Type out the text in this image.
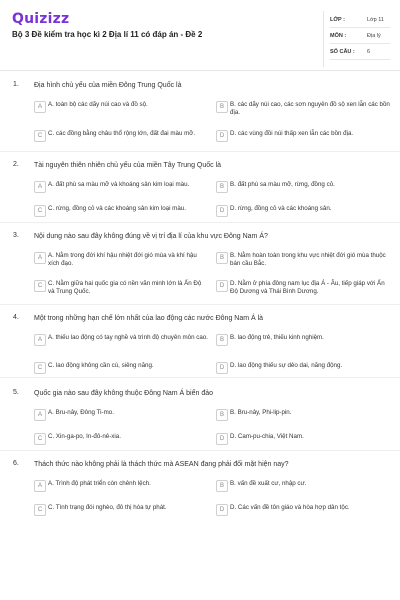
Quizizz
Bộ 3 Đề kiểm tra học kì 2 Địa lí 11 có đáp án - Đề 2
LỚP :	Lớp 11
MÔN :	Địa lý
SỐ CÂU : 6
1. Địa hình chủ yếu của miền Đông Trung Quốc là
A A. toàn bộ các dãy núi cao và đồ sộ.	B B. các dãy núi cao, các sơn nguyên đồ sộ xen lẫn các bồn địa.
C C. các đồng bằng châu thổ rộng lớn, đất đai màu mỡ.	D D. các vùng đồi núi thấp xen lẫn các bồn địa.
2. Tài nguyên thiên nhiên chủ yếu của miền Tây Trung Quốc là
A A. đất phù sa màu mỡ và khoáng sản kim loại màu.	B B. đất phù sa màu mỡ, rừng, đồng cỏ.
C C. rừng, đồng cỏ và các khoáng sản kim loại màu.	D D. rừng, đồng cỏ và các khoáng sản.
3. Nội dung nào sau đây không đúng về vị trí địa lí của khu vực Đông Nam Á?
A A. Nằm trong đới khí hậu nhiệt đới gió mùa và khí hậu xích đạo.
B B. Nằm hoàn toàn trong khu vực nhiệt đới gió mùa thuộc bán cầu Bắc.
C C. Nằm giữa hai quốc gia có nền văn minh lớn là Ấn Độ và Trung Quốc.
D D. Nằm ở phía đông nam lục địa Á - Âu, tiếp giáp với Ấn Độ Dương và Thái Bình Dương.
4. Một trong những hạn chế lớn nhất của lao động các nước Đông Nam Á là
A A. thiếu lao động có tay nghề và trình độ chuyên môn cao.	B B. lao động trẻ, thiếu kinh nghiệm.
C C. lao động không cần cù, siêng năng.	D D. lao động thiếu sự dẻo dai, năng động.
5. Quốc gia nào sau đây không thuộc Đông Nam Á biển đảo
A A. Bru-nây, Đông Ti-mo.	B B. Bru-nây, Phi-lip-pin.
C C. Xin-ga-po, In-đô-nê-xia.	D D. Cam-pu-chia, Việt Nam.
6. Thách thức nào không phải là thách thức mà ASEAN đang phải đối mặt hiện nay?
A A. Trình độ phát triển còn chênh lệch.	B B. vấn đề xuất cư, nhập cư.
C C. Tình trạng đói nghèo, đô thị hóa tự phát.	D D. Các vấn đề tôn giáo và hòa hợp dân tộc.
